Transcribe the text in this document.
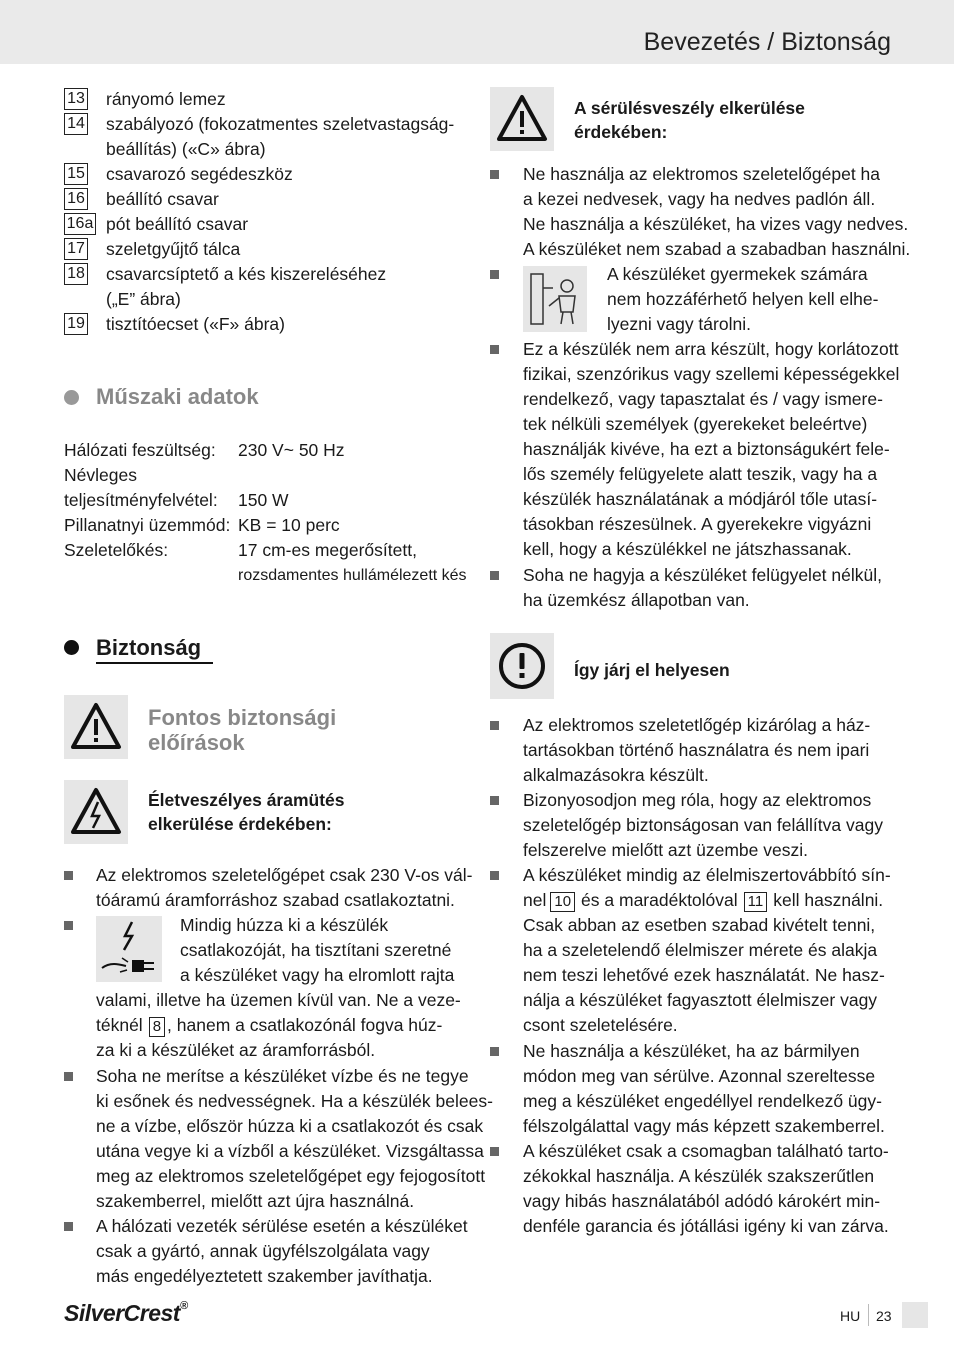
Bevezetés / Biztonság
13 rányomó lemez
14 szabályozó (fokozatmentes szeletvastagság-
beállítás) («C» ábra)
15 csavarozó segédeszköz
16 beállító csavar
16a pót beállító csavar
17 szeletgyűjtő tálca
18 csavarcsíptető a kés kiszereléséhez
(„E” ábra)
19 tisztítóecset («F» ábra)
Műszaki adatok
Hálózati feszültség: 230 V~ 50 Hz
Névleges
teljesítményfelvétel: 150 W
Pillanatnyi üzemmód: KB = 10 perc
Szeletelőkés:	17 cm-es megerősített,
rozsdamentes hullámélezett kés
Biztonság
Fontos biztonsági
előírások
Életveszélyes áramütés
elkerülése érdekében:
Az elektromos szeletelőgépet csak 230 V-os vál-
tóáramú áramforráshoz szabad csatlakoztatni.
Mindig húzza ki a készülék
csatlakozóját, ha tisztítani szeretné
a készüléket vagy ha elromlott rajta
valami, illetve ha üzemen kívül van. Ne a veze-
téknél 8 , hanem a csatlakozónál fogva húz-
za ki a készüléket az áramforrásból.
Soha ne merítse a készüléket vízbe és ne tegye
ki esőnek és nedvességnek. Ha a készülék belees-
ne a vízbe, először húzza ki a csatlakozót és csak
utána vegye ki a vízből a készüléket. Vizsgáltassa
meg az elektromos szeletelőgépet egy fejogosított
szakemberrel, mielőtt azt újra használná.
A hálózati vezeték sérülése esetén a készüléket
csak a gyártó, annak ügyfélszolgálata vagy
más engedélyeztetett szakember javíthatja.
A sérülésveszély elkerülése
érdekében:
Így járj el helyesen
Ne használja az elektromos szeletelőgépet ha
a kezei nedvesek, vagy ha nedves padlón áll.
Ne használja a készüléket, ha vizes vagy nedves.
A készüléket nem szabad a szabadban használni.
A készüléket gyermekek számára
nem hozzáférhető helyen kell elhe-
lyezni vagy tárolni.
Ez a készülék nem arra készült, hogy korlátozott
fizikai, szenzórikus vagy szellemi képességekkel
rendelkező, vagy tapasztalat és / vagy ismere-
tek nélküli személyek (gyerekeket beleértve)
használják kivéve, ha ezt a biztonságukért fele-
lős személy felügyelete alatt teszik, vagy ha a
készülék használatának a módjáról tőle utasí-
tásokban részesülnek. A gyerekekre vigyázni
kell, hogy a készülékkel ne játszhassanak.
Soha ne hagyja a készüléket felügyelet nélkül,
ha üzemkész állapotban van.
Az elektromos szeletetlőgép kizárólag a ház-
tartásokban történő használatra és nem ipari
alkalmazásokra készült.
Bizonyosodjon meg róla, hogy az elektromos
szeletelőgép biztonságosan van felállítva vagy
felszerelve mielőtt azt üzembe veszi.
A készüléket mindig az élelmiszertovábbító sín-
nel 10 és a maradéktolóval 11 kell használni.
Csak abban az esetben szabad kivételt tenni,
ha a szeletelendő élelmiszer mérete és alakja
nem teszi lehetővé ezek használatát. Ne hasz-
nálja a készüléket fagyasztott élelmiszer vagy
csont szeletelésére.
Ne használja a készüléket, ha az bármilyen
módon meg van sérülve. Azonnal szereltesse
meg a készüléket engedéllyel rendelkező ügy-
félszolgálattal vagy más képzett szakemberrel.
A készüléket csak a csomagban található tarto-
zékokkal használja. A készülék szakszerűtlen
vagy hibás használatából adódó károkért min-
denféle garancia és jótállási igény ki van zárva.
SilverCrest®
HU 23
